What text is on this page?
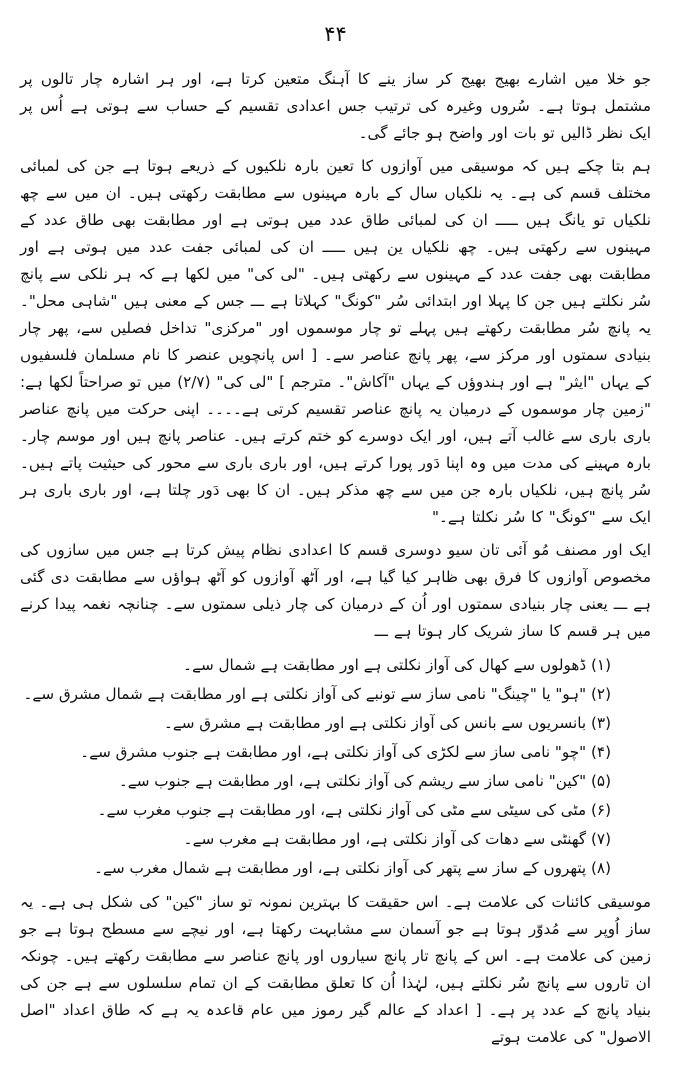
۴۴

جو خلا میں اشارے بھیج بھیج کر ساز ینے کا آہنگ متعین کرتا ہے، اور ہر اشارہ چار تالوں پر مشتمل ہوتا ہے۔ سُروں وغیرہ کی ترتیب جس اعدادی تقسیم کے حساب سے ہوتی ہے اُس پر ایک نظر ڈالیں تو بات اور واضح ہو جائے گی۔

ہم بتا چکے ہیں کہ موسیقی میں آوازوں کا تعین بارہ نلکیوں کے ذریعے ہوتا ہے جن کی لمبائی مختلف قسم کی ہے۔ یہ نلکیاں سال کے بارہ مہینوں سے مطابقت رکھتی ہیں۔ ان میں سے چھ نلکیاں تو یانگ ہیں ـــــ ان کی لمبائی طاق عدد میں ہوتی ہے اور مطابقت بھی طاق عدد کے مہینوں سے رکھتی ہیں۔ چھ نلکیاں ین ہیں ـــــ ان کی لمبائی جفت عدد میں ہوتی ہے اور مطابقت بھی جفت عدد کے مہینوں سے رکھتی ہیں۔ "لی کی" میں لکھا ہے کہ ہر نلکی سے پانچ سُر نکلتے ہیں جن کا پہلا اور ابتدائی سُر "کونگ" کہلاتا ہے ـــ جس کے معنی ہیں "شاہی محل"۔ یہ پانچ سُر مطابقت رکھتے ہیں پہلے تو چار موسموں اور "مرکزی" تداخل فصلیں سے، پھر چار بنیادی سمتوں اور مرکز سے، پھر پانچ عناصر سے۔ [ اس پانچویں عنصر کا نام مسلمان فلسفیوں کے یہاں "ایثر" ہے اور ہندوؤں کے یہاں "آکاش"۔ مترجم ] "لی کی" (۲/۷) میں تو صراحتاً لکھا ہے: "زمین چار موسموں کے درمیان یہ پانچ عناصر تقسیم کرتی ہے۔۔۔۔ اپنی حرکت میں پانچ عناصر باری باری سے غالب آتے ہیں، اور ایک دوسرے کو ختم کرتے ہیں۔ عناصر پانچ ہیں اور موسم چار۔ بارہ مہینے کی مدت میں وہ اپنا دَور پورا کرتے ہیں، اور باری باری سے محور کی حیثیت پاتے ہیں۔ سُر پانچ ہیں، نلکیاں بارہ جن میں سے چھ مذکر ہیں۔ ان کا بھی دَور چلتا ہے، اور باری باری ہر ایک سے "کونگ" کا سُر نکلتا ہے۔"

ایک اور مصنف مُو آئی تان سیو دوسری قسم کا اعدادی نظام پیش کرتا ہے جس میں سازوں کی مخصوص آوازوں کا فرق بھی ظاہر کیا گیا ہے، اور آٹھ آوازوں کو آٹھ ہواؤں سے مطابقت دی گئی ہے ـــ یعنی چار بنیادی سمتوں اور اُن کے درمیان کی چار ذیلی سمتوں سے۔ چنانچہ نغمہ پیدا کرنے میں ہر قسم کا ساز شریک کار ہوتا ہے ـــ

(۱) ڈھولوں سے کھال کی آواز نکلتی ہے اور مطابقت ہے شمال سے۔
(۲) "ہو" یا "چینگ" نامی ساز سے تونبے کی آواز نکلتی ہے اور مطابقت ہے شمال مشرق سے۔
(۳) بانسریوں سے بانس کی آواز نکلتی ہے اور مطابقت ہے مشرق سے۔
(۴) "چو" نامی ساز سے لکڑی کی آواز نکلتی ہے، اور مطابقت ہے جنوب مشرق سے۔
(۵) "کین" نامی ساز سے ریشم کی آواز نکلتی ہے، اور مطابقت ہے جنوب سے۔
(۶) مٹی کی سیٹی سے مٹی کی آواز نکلتی ہے، اور مطابقت ہے جنوب مغرب سے۔
(۷) گھنٹی سے دھات کی آواز نکلتی ہے، اور مطابقت ہے مغرب سے۔
(۸) پتھروں کے ساز سے پتھر کی آواز نکلتی ہے، اور مطابقت ہے شمال مغرب سے۔

موسیقی کائنات کی علامت ہے۔ اس حقیقت کا بہترین نمونہ تو ساز "کین" کی شکل ہی ہے۔ یہ ساز اُوپر سے مُدوّر ہوتا ہے جو آسمان سے مشابہت رکھتا ہے، اور نیچے سے مسطح ہوتا ہے جو زمین کی علامت ہے۔ اس کے پانچ تار پانچ سیاروں اور پانچ عناصر سے مطابقت رکھتے ہیں۔ چونکہ ان تاروں سے پانچ سُر نکلتے ہیں، لہٰذا اُن کا تعلق مطابقت کے ان تمام سلسلوں سے ہے جن کی بنیاد پانچ کے عدد پر ہے۔ [ اعداد کے عالم گیر رموز میں عام قاعدہ یہ ہے کہ طاق اعداد "اصل الاصول" کی علامت ہوتے
